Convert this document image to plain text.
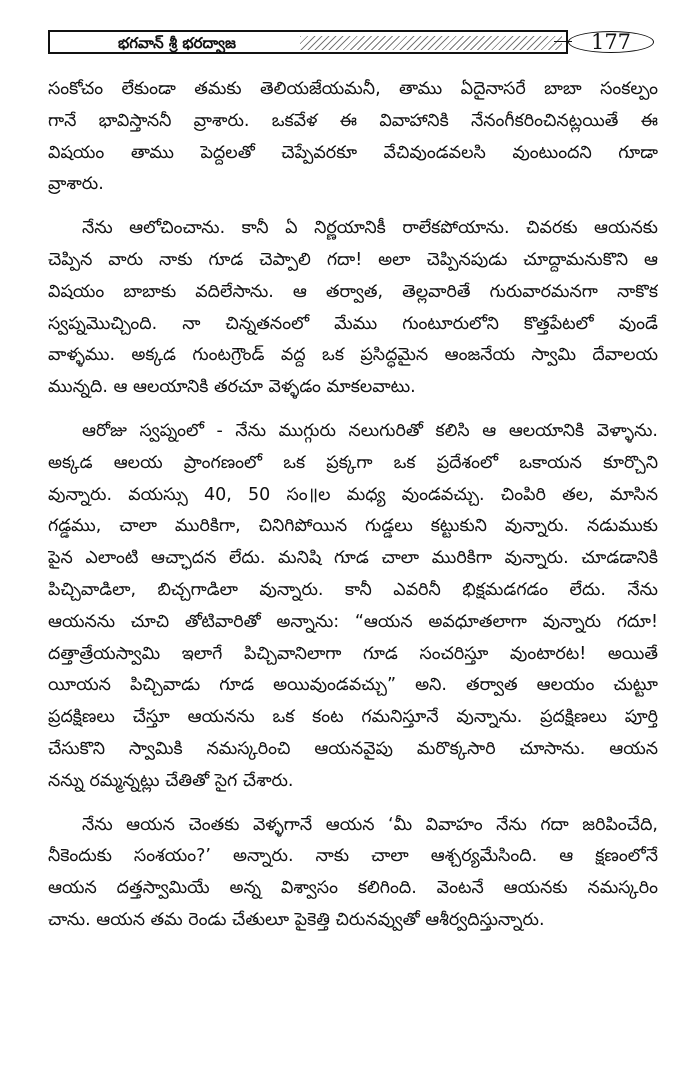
భగవాన్ శ్రీ భరద్వాజ	177
సంకోచం లేకుండా తమకు తెలియజేయమనీ, తాము ఏదైనాసరే బాబా సంకల్పం
గానే భావిస్తాననీ వ్రాశారు. ఒకవేళ ఈ వివాహానికి నేనంగీకరించినట్లయితే ఈ
విషయం తాము పెద్దలతో చెప్పేవరకూ వేచివుండవలసి వుంటుందని గూడా
వ్రాశారు.
నేను ఆలోచించాను. కానీ ఏ నిర్ణయానికీ రాలేకపోయాను. చివరకు ఆయనకు
చెప్పిన వారు నాకు గూడ చెప్పాలి గదా! అలా చెప్పినపుడు చూద్దామనుకొని ఆ
విషయం బాబాకు వదిలేసాను. ఆ తర్వాత, తెల్లవారితే గురువారమనగా నాకొక
స్వప్నమొచ్చింది. నా చిన్నతనంలో మేము గుంటూరులోని కొత్తపేటలో వుండే
వాళ్ళము. అక్కడ గుంటగ్రౌండ్ వద్ద ఒక ప్రసిద్ధమైన ఆంజనేయ స్వామి దేవాలయ
మున్నది. ఆ ఆలయానికి తరచూ వెళ్ళడం మాకలవాటు.
ఆరోజు స్వప్నంలో - నేను ముగ్గురు నలుగురితో కలిసి ఆ ఆలయానికి వెళ్ళాను.
అక్కడ ఆలయ ప్రాంగణంలో ఒక ప్రక్కగా ఒక ప్రదేశంలో ఒకాయన కూర్చొని
వున్నారు. వయస్సు 40, 50 సం॥ల మధ్య వుండవచ్చు. చింపిరి తల, మాసిన
గడ్డము, చాలా మురికిగా, చినిగిపోయిన గుడ్డలు కట్టుకుని వున్నారు. నడుముకు
పైన ఎలాంటి ఆచ్ఛాదన లేదు. మనిషి గూడ చాలా మురికిగా వున్నారు. చూడడానికి
పిచ్చివాడిలా, బిచ్చగాడిలా వున్నారు. కానీ ఎవరినీ భిక్షమడగడం లేదు. నేను
ఆయనను చూచి తోటివారితో అన్నాను: “ఆయన అవధూతలాగా వున్నారు గదూ!
దత్తాత్రేయస్వామి ఇలాగే పిచ్చివానిలాగా గూడ సంచరిస్తూ వుంటారట! అయితే
యీయన పిచ్చివాడు గూడ అయివుండవచ్చు” అని. తర్వాత ఆలయం చుట్టూ
ప్రదక్షిణలు చేస్తూ ఆయనను ఒక కంట గమనిస్తూనే వున్నాను. ప్రదక్షిణలు పూర్తి
చేసుకొని స్వామికి నమస్కరించి ఆయనవైపు మరొక్కసారి చూసాను. ఆయన
నన్ను రమ్మన్నట్లు చేతితో సైగ చేశారు.
నేను ఆయన చెంతకు వెళ్ళగానే ఆయన ‘మీ వివాహం నేను గదా జరిపించేది,
నీకెందుకు సంశయం?’ అన్నారు. నాకు చాలా ఆశ్చర్యమేసింది. ఆ క్షణంలోనే
ఆయన దత్తస్వామియే అన్న విశ్వాసం కలిగింది. వెంటనే ఆయనకు నమస్కరిం
చాను. ఆయన తమ రెండు చేతులూ పైకెత్తి చిరునవ్వుతో ఆశీర్వదిస్తున్నారు.
